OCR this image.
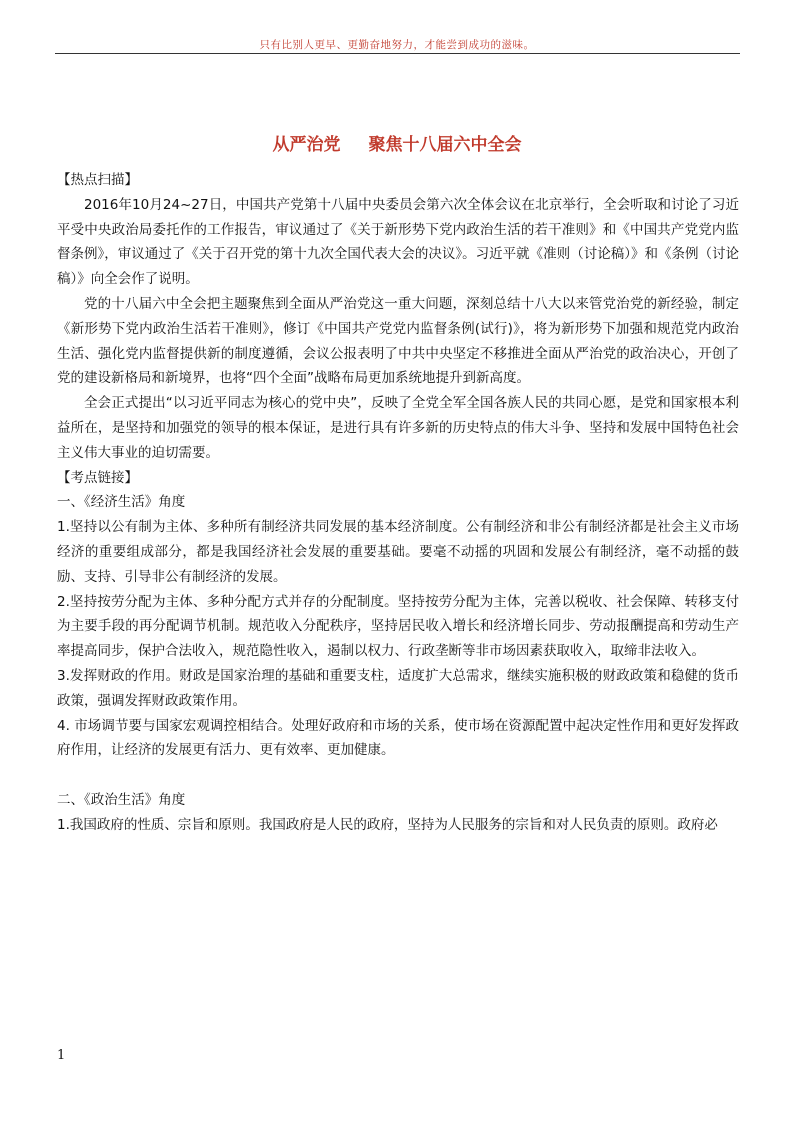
只有比别人更早、更勤奋地努力，才能尝到成功的滋味。
从严治党 聚焦十八届六中全会

【热点扫描】

2016年10月24~27日，中国共产党第十八届中央委员会第六次全体会议在北京举行，全会听取和讨论了习近平受中央政治局委托作的工作报告，审议通过了《关于新形势下党内政治生活的若干准则》和《中国共产党党内监督条例》，审议通过了《关于召开党的第十九次全国代表大会的决议》。习近平就《准则（讨论稿）》和《条例（讨论稿）》向全会作了说明。

党的十八届六中全会把主题聚焦到全面从严治党这一重大问题，深刻总结十八大以来管党治党的新经验，制定《新形势下党内政治生活若干准则》，修订《中国共产党党内监督条例(试行)》，将为新形势下加强和规范党内政治生活、强化党内监督提供新的制度遵循，会议公报表明了中共中央坚定不移推进全面从严治党的政治决心，开创了党的建设新格局和新境界，也将“四个全面”战略布局更加系统地提升到新高度。

全会正式提出“以习近平同志为核心的党中央”，反映了全党全军全国各族人民的共同心愿，是党和国家根本利益所在，是坚持和加强党的领导的根本保证，是进行具有许多新的历史特点的伟大斗争、坚持和发展中国特色社会主义伟大事业的迫切需要。

【考点链接】

一、《经济生活》角度

1.坚持以公有制为主体、多种所有制经济共同发展的基本经济制度。公有制经济和非公有制经济都是社会主义市场经济的重要组成部分，都是我国经济社会发展的重要基础。要毫不动摇的巩固和发展公有制经济，毫不动摇的鼓励、支持、引导非公有制经济的发展。

2.坚持按劳分配为主体、多种分配方式并存的分配制度。坚持按劳分配为主体，完善以税收、社会保障、转移支付为主要手段的再分配调节机制。规范收入分配秩序，坚持居民收入增长和经济增长同步、劳动报酬提高和劳动生产率提高同步，保护合法收入，规范隐性收入，遏制以权力、行政垄断等非市场因素获取收入，取缔非法收入。

3.发挥财政的作用。财政是国家治理的基础和重要支柱，适度扩大总需求，继续实施积极的财政政策和稳健的货币政策，强调发挥财政政策作用。

4. 市场调节要与国家宏观调控相结合。处理好政府和市场的关系，使市场在资源配置中起决定性作用和更好发挥政府作用，让经济的发展更有活力、更有效率、更加健康。

二、《政治生活》角度

1.我国政府的性质、宗旨和原则。我国政府是人民的政府，坚持为人民服务的宗旨和对人民负责的原则。政府必

1
